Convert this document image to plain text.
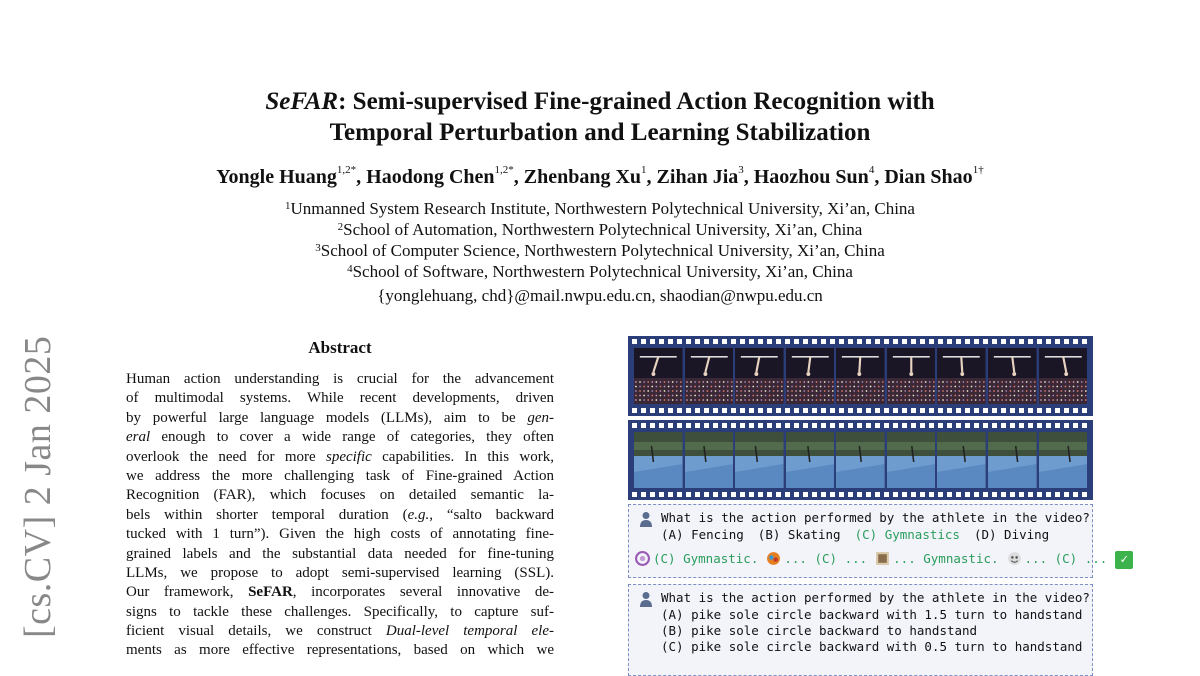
[cs.CV] 2 Jan 2025
SeFAR: Semi-supervised Fine-grained Action Recognition with
Temporal Perturbation and Learning Stabilization
Yongle Huang$^{1,2*}$, Haodong Chen$^{1,2*}$, Zhenbang Xu$^1$, Zihan Jia$^3$, Haozhou Sun$^4$, Dian Shao$^{1\dagger}$
$^1$Unmanned System Research Institute, Northwestern Polytechnical University, Xi’an, China
$^2$School of Automation, Northwestern Polytechnical University, Xi’an, China
$^3$School of Computer Science, Northwestern Polytechnical University, Xi’an, China
$^4$School of Software, Northwestern Polytechnical University, Xi’an, China
{yonglehuang, chd}@mail.nwpu.edu.cn, shaodian@nwpu.edu.cn
Abstract
Human action understanding is crucial for the advancement
of multimodal systems. While recent developments, driven
by powerful large language models (LLMs), aim to be gen-
eral enough to cover a wide range of categories, they often
overlook the need for more specific capabilities. In this work,
we address the more challenging task of Fine-grained Action
Recognition (FAR), which focuses on detailed semantic la-
bels within shorter temporal duration (e.g., “salto backward
tucked with 1 turn”). Given the high costs of annotating fine-
grained labels and the substantial data needed for fine-tuning
LLMs, we propose to adopt semi-supervised learning (SSL).
Our framework, SeFAR, incorporates several innovative de-
signs to tackle these challenges. Specifically, to capture suf-
ficient visual details, we construct Dual-level temporal ele-
ments as more effective representations, based on which we
What is the action performed by the athlete in the video?
(A) Fencing (B) Skating (C) Gymnastics (D) Diving
(C) Gymnastic. ... (C) ... ... Gymnastic. ... (C) ... ✓
What is the action performed by the athlete in the video?
(A) pike sole circle backward with 1.5 turn to handstand
(B) pike sole circle backward to handstand
(C) pike sole circle backward with 0.5 turn to handstand
